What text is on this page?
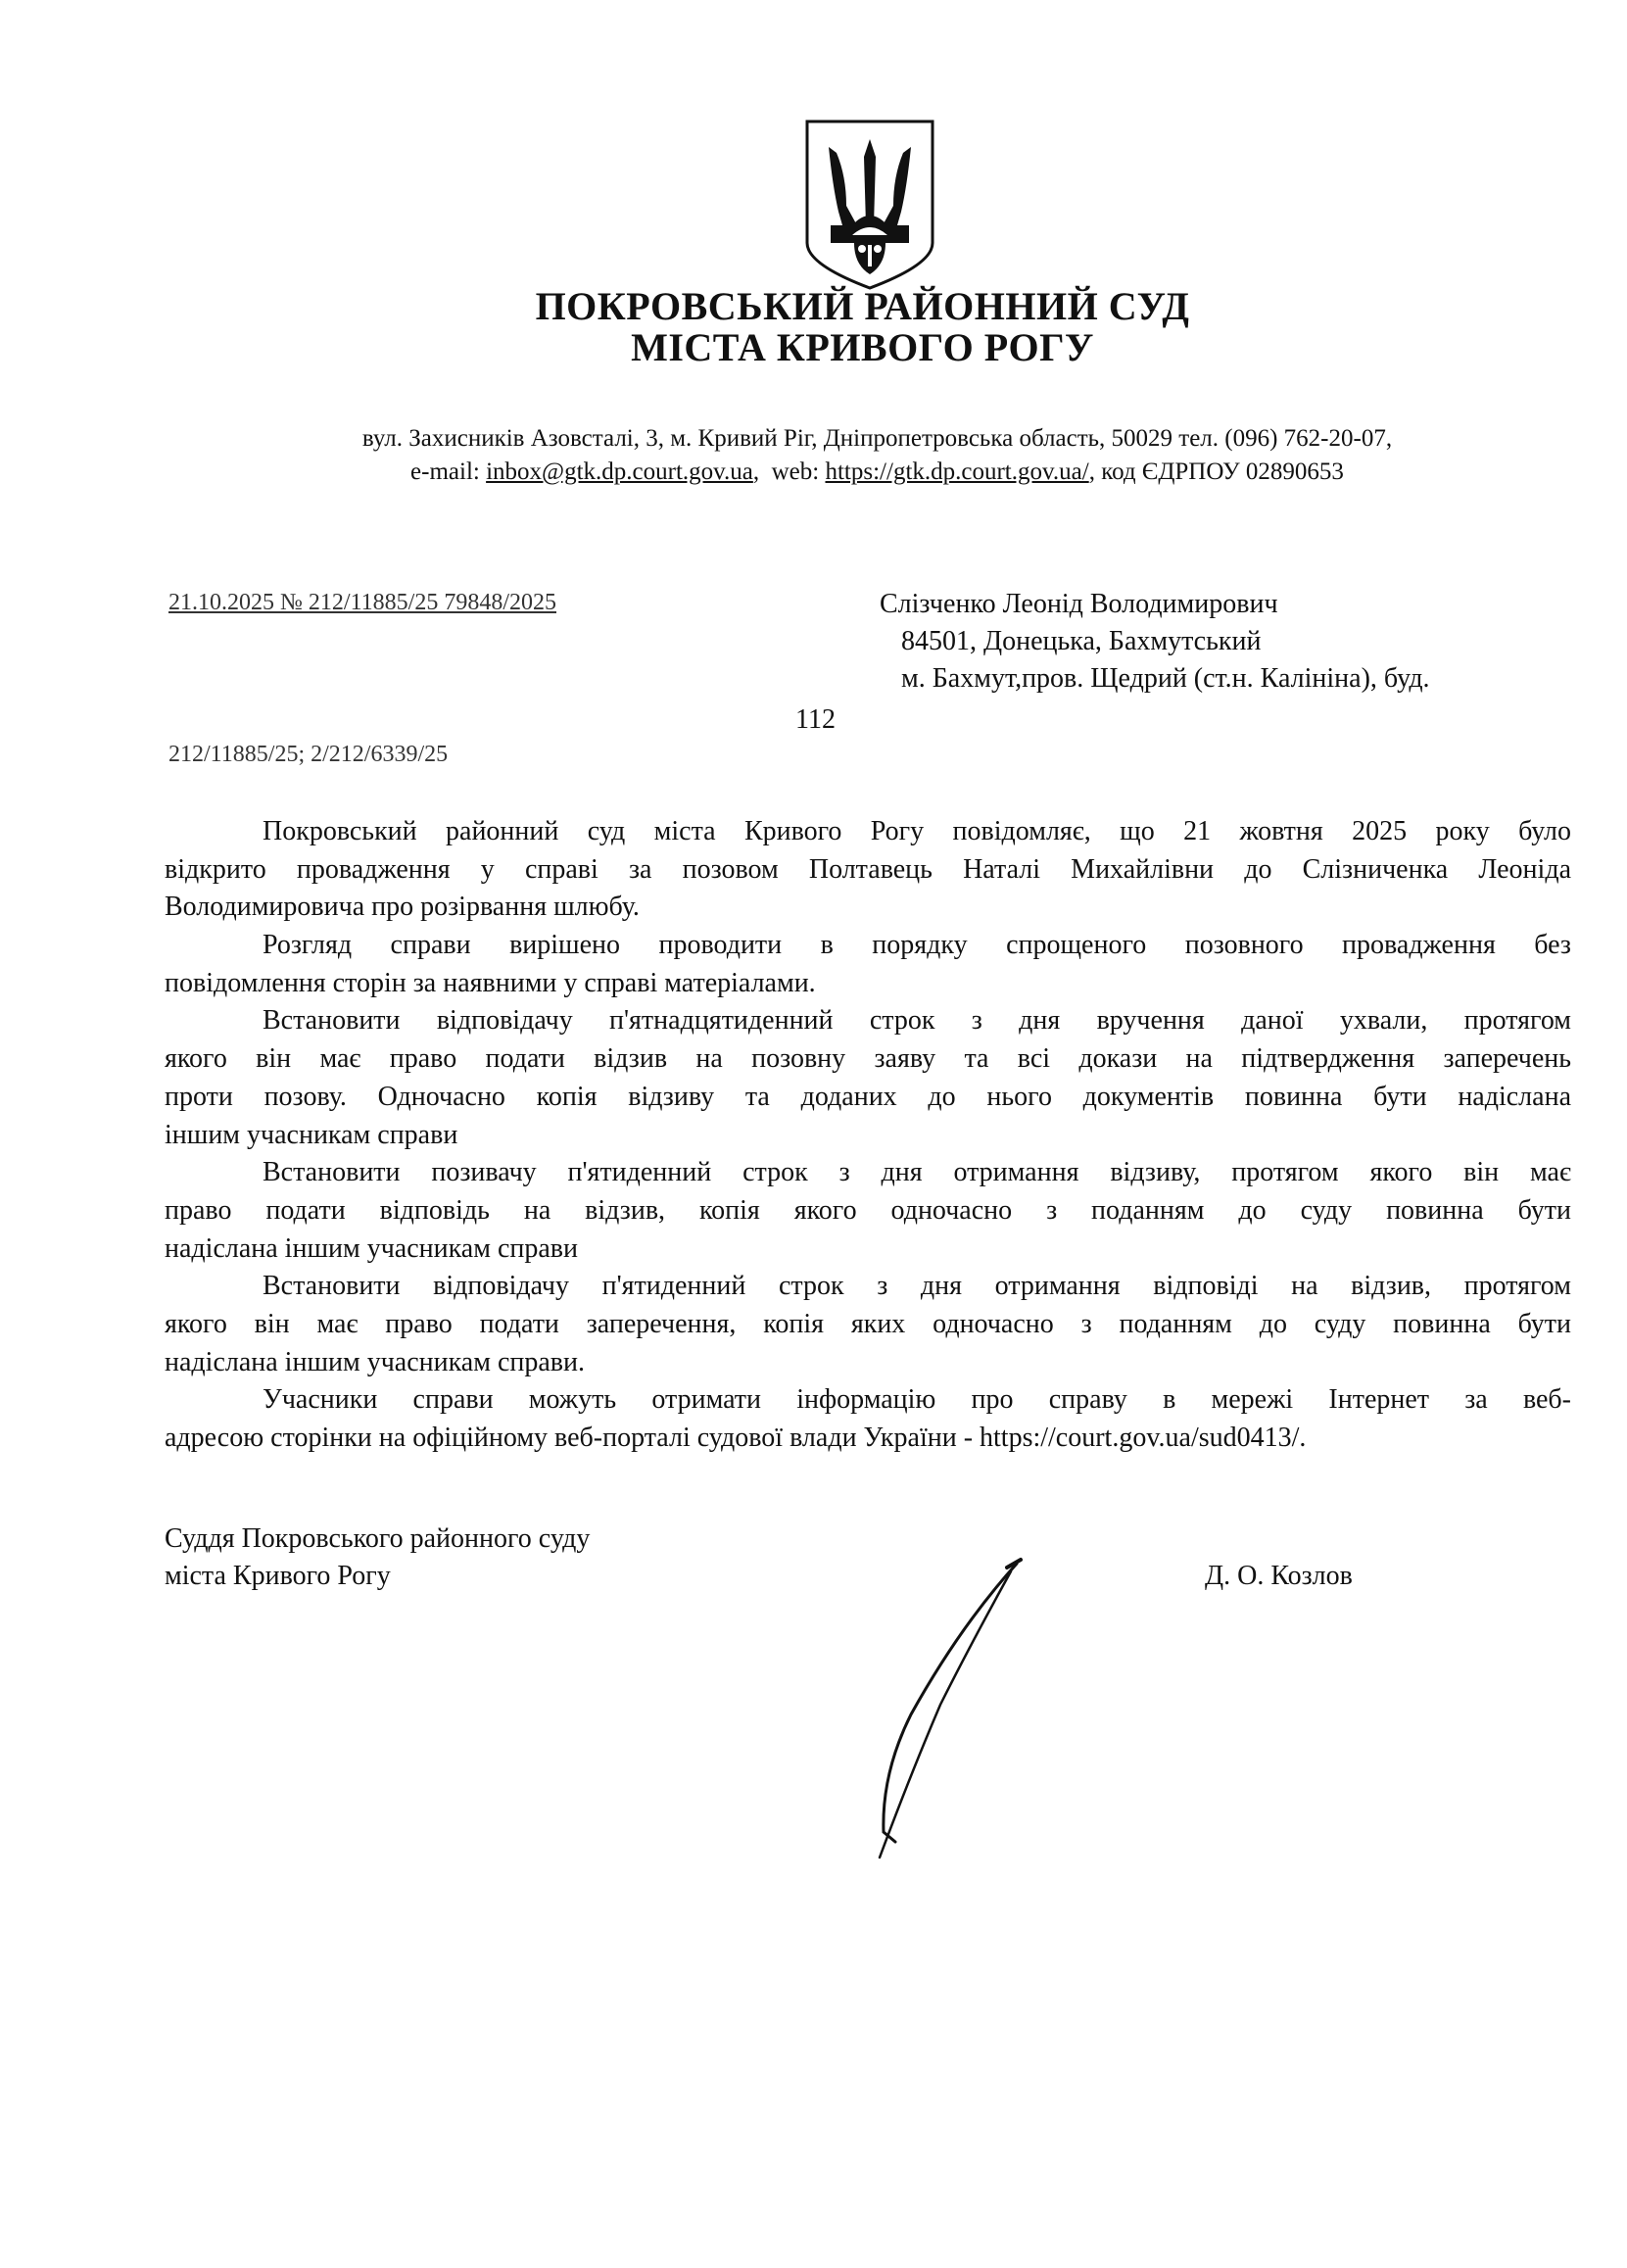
ПОКРОВСЬКИЙ РАЙОННИЙ СУД
МІСТА КРИВОГО РОГУ
вул. Захисників Азовсталі, 3, м. Кривий Ріг, Дніпропетровська область, 50029 тел. (096) 762-20-07,
e-mail: inbox@gtk.dp.court.gov.ua,  web: https://gtk.dp.court.gov.ua/, код ЄДРПОУ 02890653
21.10.2025 № 212/11885/25 79848/2025
212/11885/25; 2/212/6339/25
Слізченко Леонід Володимирович
84501, Донецька, Бахмутський
м. Бахмут,пров. Щедрий (ст.н. Калініна), буд.
112
Покровський районний суд міста Кривого Рогу повідомляє, що 21 жовтня 2025 року було
відкрито провадження у справі за позовом Полтавець Наталі Михайлівни до Слізниченка Леоніда
Володимировича про розірвання шлюбу.
Розгляд справи вирішено проводити в порядку спрощеного позовного провадження без
повідомлення сторін за наявними у справі матеріалами.
Встановити відповідачу п'ятнадцятиденний строк з дня вручення даної ухвали, протягом
якого він має право подати відзив на позовну заяву та всі докази на підтвердження заперечень
проти позову. Одночасно копія відзиву та доданих до нього документів повинна бути надіслана
іншим учасникам справи
Встановити позивачу п'ятиденний строк з дня отримання відзиву, протягом якого він має
право подати відповідь на відзив, копія якого одночасно з поданням до суду повинна бути
надіслана іншим учасникам справи
Встановити відповідачу п'ятиденний строк з дня отримання відповіді на відзив, протягом
якого він має право подати заперечення, копія яких одночасно з поданням до суду повинна бути
надіслана іншим учасникам справи.
Учасники справи можуть отримати інформацію про справу в мережі Інтернет за веб-
адресою сторінки на офіційному веб-порталі судової влади України - https://court.gov.ua/sud0413/.
Суддя Покровського районного суду
міста Кривого Рогу	Д. О. Козлов
